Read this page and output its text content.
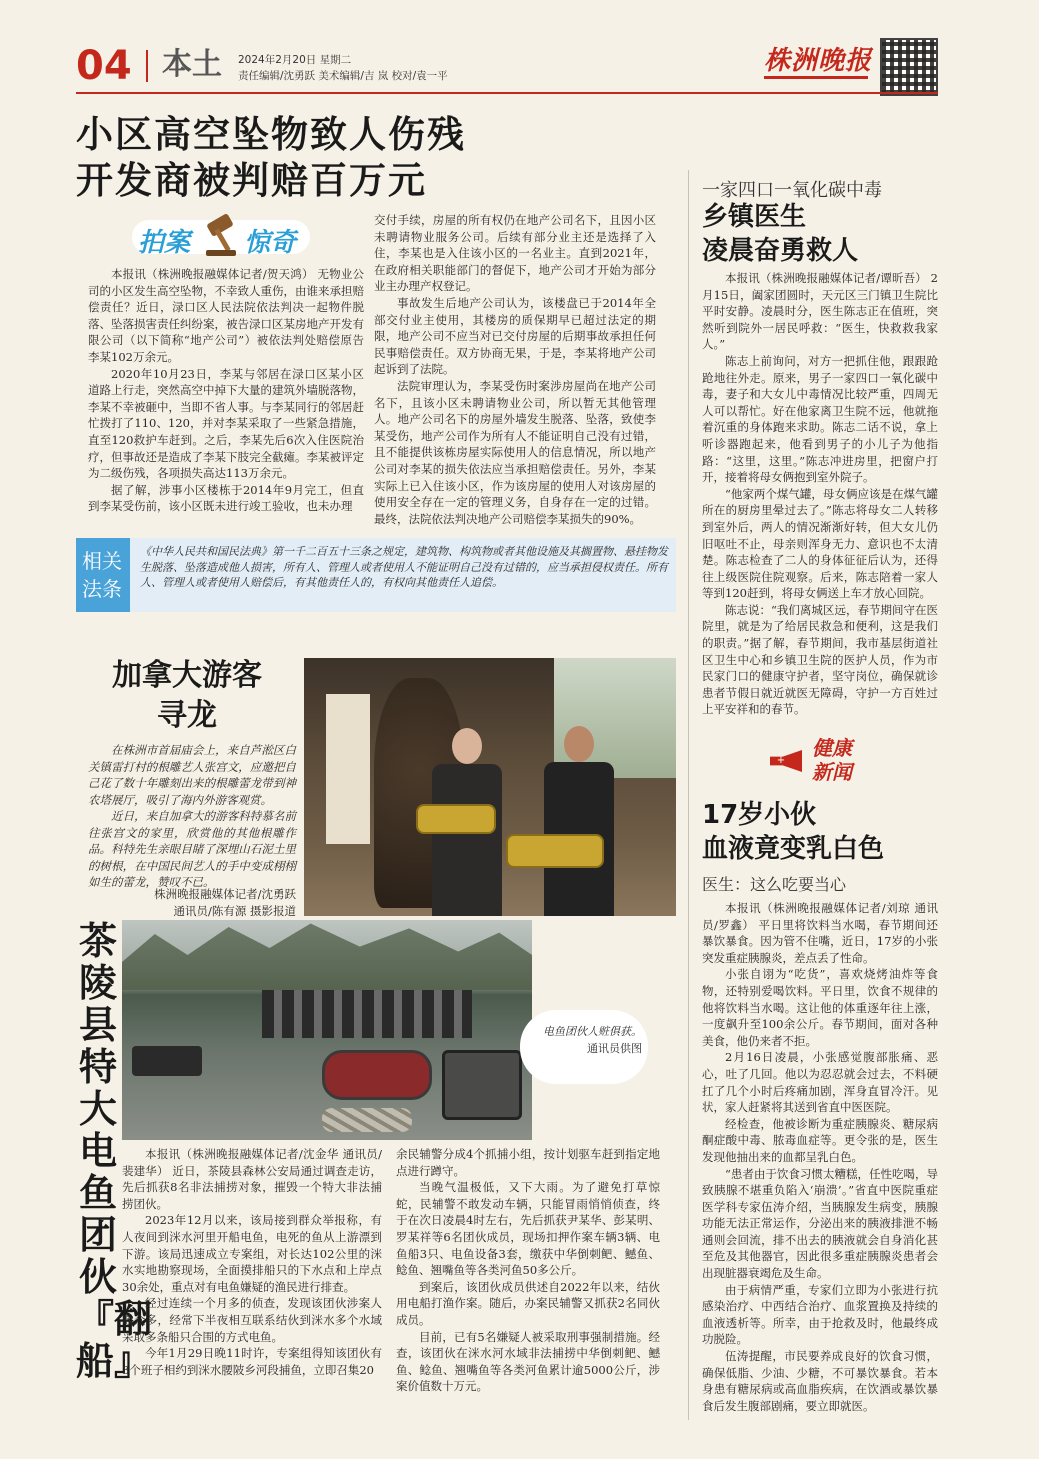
04 本土 2024年2月20日 星期二
责任编辑/沈勇跃 美术编辑/吉 岚 校对/袁一平	株洲晚报
小区高空坠物致人伤残
开发商被判赔百万元
拍案 惊奇

本报讯（株洲晚报融媒体记者/贺天鸿） 无物业公司的小区发生高空坠物，不幸致人重伤，由谁来承担赔偿责任？近日，渌口区人民法院依法判决一起物件脱落、坠落损害责任纠纷案，被告渌口区某房地产开发有限公司（以下简称“地产公司”）被依法判处赔偿原告李某102万余元。

2020年10月23日，李某与邻居在渌口区某小区道路上行走，突然高空中掉下大量的建筑外墙脱落物，李某不幸被砸中，当即不省人事。与李某同行的邻居赶忙拨打了110、120，并对李某采取了一些紧急措施，直至120救护车赶到。之后，李某先后6次入住医院治疗，但事故还是造成了李某下肢完全截瘫。李某被评定为二级伤残，各项损失高达113万余元。

据了解，涉事小区楼栋于2014年9月完工，但直到李某受伤前，该小区既未进行竣工验收，也未办理

交付手续，房屋的所有权仍在地产公司名下，且因小区未聘请物业服务公司。后续有部分业主还是选择了入住，李某也是入住该小区的一名业主。直到2021年，在政府相关职能部门的督促下，地产公司才开始为部分业主办理产权登记。

事故发生后地产公司认为，该楼盘已于2014年全部交付业主使用，其楼房的质保期早已超过法定的期限，地产公司不应当对已交付房屋的后期事故承担任何民事赔偿责任。双方协商无果，于是，李某将地产公司起诉到了法院。

法院审理认为，李某受伤时案涉房屋尚在地产公司名下，且该小区未聘请物业公司，所以暂无其他管理人。地产公司名下的房屋外墙发生脱落、坠落，致使李某受伤，地产公司作为所有人不能证明自己没有过错，且不能提供该栋房屋实际使用人的信息情况，所以地产公司对李某的损失依法应当承担赔偿责任。另外，李某实际上已入住该小区，作为该房屋的使用人对该房屋的使用安全存在一定的管理义务，自身存在一定的过错。最终，法院依法判决地产公司赔偿李某损失的90%。

相关
法条
《中华人民共和国民法典》第一千二百五十三条之规定，建筑物、构筑物或者其他设施及其搁置物、悬挂物发生脱落、坠落造成他人损害，所有人、管理人或者使用人不能证明自己没有过错的，应当承担侵权责任。所有人、管理人或者使用人赔偿后，有其他责任人的，有权向其他责任人追偿。
加拿大游客
寻龙

在株洲市首届庙会上，来自芦淞区白关镇雷打村的根雕艺人张宫文，应邀把自己花了数十年雕刻出来的根雕蕾龙带到神农塔展厅，吸引了海内外游客观赏。

近日，来自加拿大的游客科特慕名前往张宫文的家里，欣赏他的其他根雕作品。科特先生亲眼目睹了深埋山石泥土里的树根，在中国民间艺人的手中变成栩栩如生的蕾龙，赞叹不已。

株洲晚报融媒体记者/沈勇跃
通讯员/陈有源 摄影报道
茶陵县特大电鱼团伙『翻船』
电鱼团伙人赃俱获。
通讯员供图

本报讯（株洲晚报融媒体记者/沈金华 通讯员/裴建华） 近日，茶陵县森林公安局通过调查走访，先后抓获8名非法捕捞对象，摧毁一个特大非法捕捞团伙。

2023年12月以来，该局接到群众举报称，有人夜间到洣水河里开船电鱼，电死的鱼从上游漂到下游。该局迅速成立专案组，对长达102公里的洣水实地勘察现场，全面摸排船只的下水点和上岸点30余处，重点对有电鱼嫌疑的渔民进行排查。

经过连续一个月多的侦查，发现该团伙涉案人数众多，经常下半夜相互联系结伙到洣水多个水域采取多条船只合围的方式电鱼。

今年1月29日晚11时许，专案组得知该团伙有3个班子相约到洣水腰陂乡河段捕鱼，立即召集20

余民辅警分成4个抓捕小组，按计划驱车赶到指定地点进行蹲守。

当晚气温极低，又下大雨。为了避免打草惊蛇，民辅警不敢发动车辆，只能冒雨悄悄侦查，终于在次日凌晨4时左右，先后抓获尹某华、彭某明、罗某祥等6名团伙成员，现场扣押作案车辆3辆、电鱼船3只、电鱼设备3套，缴获中华倒刺鲃、鳡鱼、鲶鱼、翘嘴鱼等各类河鱼50多公斤。

到案后，该团伙成员供述自2022年以来，结伙用电船打渔作案。随后，办案民辅警又抓获2名同伙成员。

目前，已有5名嫌疑人被采取刑事强制措施。经查，该团伙在洣水河水域非法捕捞中华倒刺鲃、鳡鱼、鲶鱼、翘嘴鱼等各类河鱼累计逾5000公斤，涉案价值数十万元。

一家四口一氧化碳中毒
乡镇医生
凌晨奋勇救人

本报讯（株洲晚报融媒体记者/谭昕吾） 2月15日，阖家团圆时，天元区三门镇卫生院比平时安静。凌晨时分，医生陈志正在值班，突然听到院外一居民呼救：“医生，快救救我家人。”

陈志上前询问，对方一把抓住他，跟跟跄跄地往外走。原来，男子一家四口一氧化碳中毒，妻子和大女儿中毒情况比较严重，四周无人可以帮忙。好在他家离卫生院不远，他就拖着沉重的身体跑来求助。陈志二话不说，拿上听诊器跑起来，他看到男子的小儿子为他指路：“这里，这里。”陈志冲进房里，把窗户打开，接着将母女俩抱到室外院子。

“他家两个煤气罐，母女俩应该是在煤气罐所在的厨房里晕过去了。”陈志将母女二人转移到室外后，两人的情况渐渐好转，但大女儿仍旧呕吐不止，母亲则浑身无力、意识也不太清楚。陈志检查了二人的身体征征后认为，还得往上级医院住院观察。后来，陈志陪着一家人等到120赶到，将母女俩送上车才放心回院。

陈志说：“我们离城区远，春节期间守在医院里，就是为了给居民救急和便利，这是我们的职责。”据了解，春节期间，我市基层街道社区卫生中心和乡镇卫生院的医护人员，作为市民家门口的健康守护者，坚守岗位，确保就诊患者节假日就近就医无障碍，守护一方百姓过上平安祥和的春节。

+
健康
新闻
17岁小伙
血液竟变乳白色
医生：这么吃要当心

本报讯（株洲晚报融媒体记者/刘琼 通讯员/罗鑫） 平日里将饮料当水喝，春节期间还暴饮暴食。因为管不住嘴，近日，17岁的小张突发重症胰腺炎，差点丢了性命。

小张自诩为“吃货”，喜欢烧烤油炸等食物，还特别爱喝饮料。平日里，饮食不规律的他将饮料当水喝。这让他的体重逐年往上涨，一度飙升至100余公斤。春节期间，面对各种美食，他仍来者不拒。

2月16日凌晨，小张感觉腹部胀痛、恶心，吐了几回。他以为忍忍就会过去，不料硬扛了几个小时后疼痛加剧，浑身直冒冷汗。见状，家人赶紧将其送到省直中医医院。

经检查，他被诊断为重症胰腺炎、糖尿病酮症酸中毒、脓毒血症等。更令张的是，医生发现他抽出来的血都呈乳白色。

“患者由于饮食习惯太糟糕，任性吃喝，导致胰腺不堪重负陷入‘崩溃’。”省直中医院重症医学科专家伍涛介绍，当胰腺发生病变，胰腺功能无法正常运作，分泌出来的胰液排泄不畅通则会回流，排不出去的胰液就会自身消化甚至危及其他器官，因此很多重症胰腺炎患者会出现脏器衰竭危及生命。

由于病情严重，专家们立即为小张进行抗感染治疗、中西结合治疗、血浆置换及持续的血液透析等。所幸，由于抢救及时，他最终成功脱险。

伍涛提醒，市民要养成良好的饮食习惯，确保低脂、少油、少糖，不可暴饮暴食。若本身患有糖尿病或高血脂疾病，在饮酒或暴饮暴食后发生腹部剧痛，要立即就医。
